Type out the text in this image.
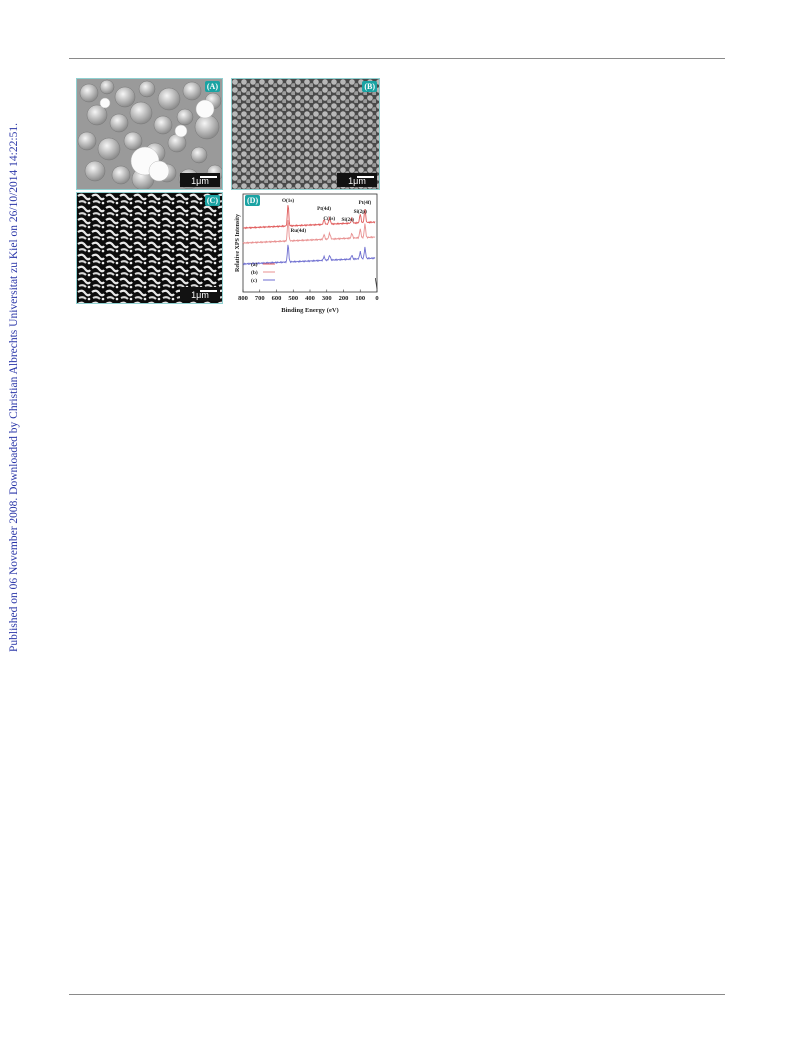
Published on 06 November 2008. Downloaded by Christian Albrechts Universitat zu Kiel on 26/10/2014 14:22:51.
(A)
1μm
(B)
1μm
(C)
1μm	800 700 600 500 400 300 200 100 0
Binding Energy (eV)
Relative XPS Intensity
O(1s)
Pt(4d)
C(1s) Si(2s)
Si(2p)
Pt(4f)
Ru(4d)
(a)
(b)
(c)
(D)
